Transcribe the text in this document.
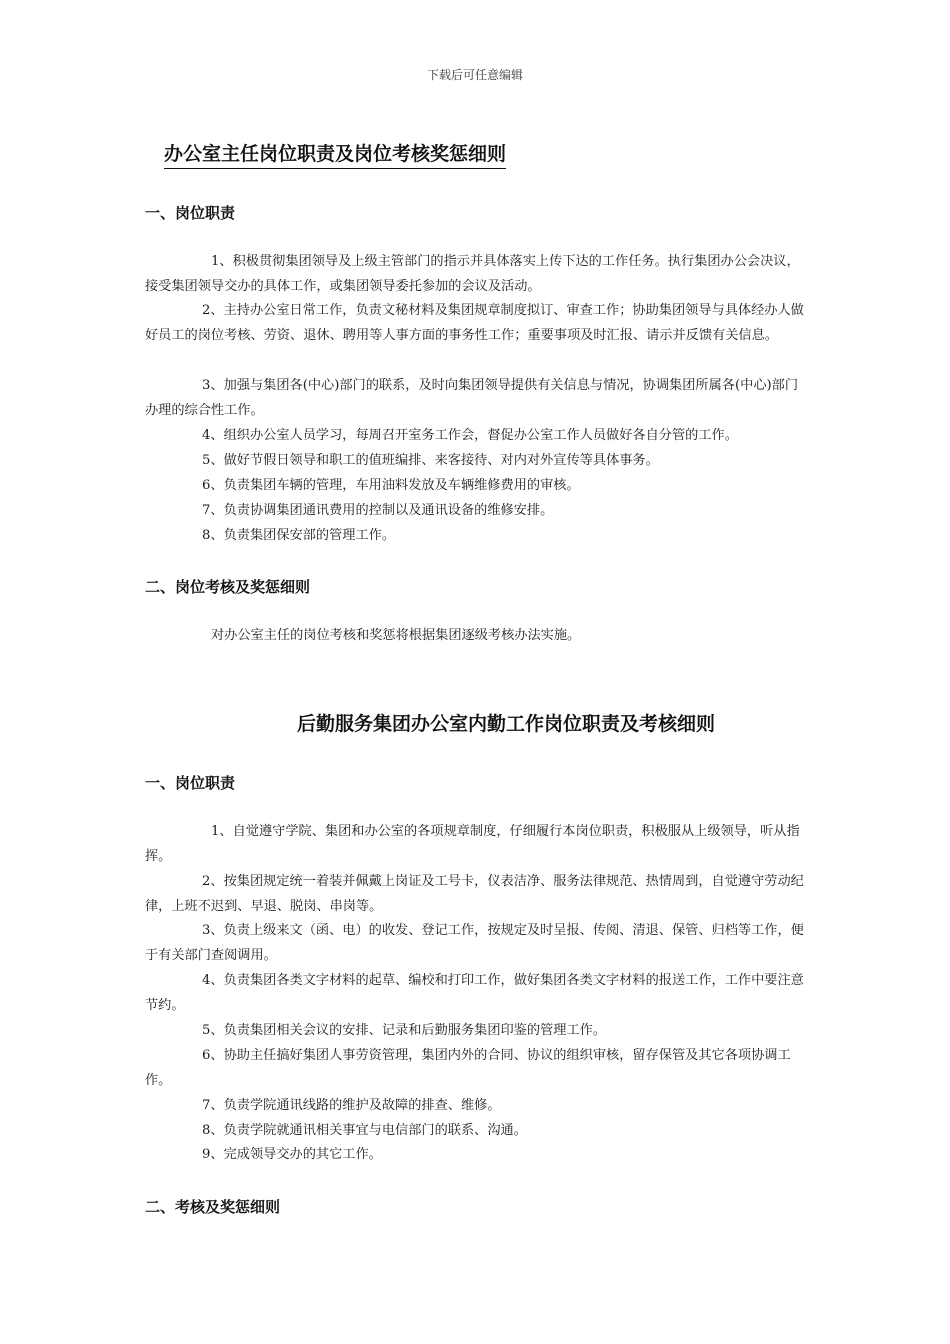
下载后可任意编辑
办公室主任岗位职责及岗位考核奖惩细则
一、岗位职责
1、积极贯彻集团领导及上级主管部门的指示并具体落实上传下达的工作任务。执行集团办公会决议，接受集团领导交办的具体工作，或集团领导委托参加的会议及活动。
2、主持办公室日常工作，负责文秘材料及集团规章制度拟订、审查工作；协助集团领导与具体经办人做好员工的岗位考核、劳资、退休、聘用等人事方面的事务性工作；重要事项及时汇报、请示并反馈有关信息。
3、加强与集团各(中心)部门的联系，及时向集团领导提供有关信息与情况，协调集团所属各(中心)部门办理的综合性工作。
4、组织办公室人员学习，每周召开室务工作会，督促办公室工作人员做好各自分管的工作。
5、做好节假日领导和职工的值班编排、来客接待、对内对外宣传等具体事务。
6、负责集团车辆的管理，车用油料发放及车辆维修费用的审核。
7、负责协调集团通讯费用的控制以及通讯设备的维修安排。
8、负责集团保安部的管理工作。
二、岗位考核及奖惩细则
对办公室主任的岗位考核和奖惩将根据集团逐级考核办法实施。
后勤服务集团办公室内勤工作岗位职责及考核细则
一、岗位职责
1、自觉遵守学院、集团和办公室的各项规章制度，仔细履行本岗位职责，积极服从上级领导，听从指挥。
2、按集团规定统一着装并佩戴上岗证及工号卡，仪表洁净、服务法律规范、热情周到，自觉遵守劳动纪律，上班不迟到、早退、脱岗、串岗等。
3、负责上级来文（函、电）的收发、登记工作，按规定及时呈报、传阅、清退、保管、归档等工作，便于有关部门查阅调用。
4、负责集团各类文字材料的起草、编校和打印工作，做好集团各类文字材料的报送工作，工作中要注意节约。
5、负责集团相关会议的安排、记录和后勤服务集团印鉴的管理工作。
6、协助主任搞好集团人事劳资管理，集团内外的合同、协议的组织审核，留存保管及其它各项协调工作。
7、负责学院通讯线路的维护及故障的排查、维修。
8、负责学院就通讯相关事宜与电信部门的联系、沟通。
9、完成领导交办的其它工作。
二、考核及奖惩细则
